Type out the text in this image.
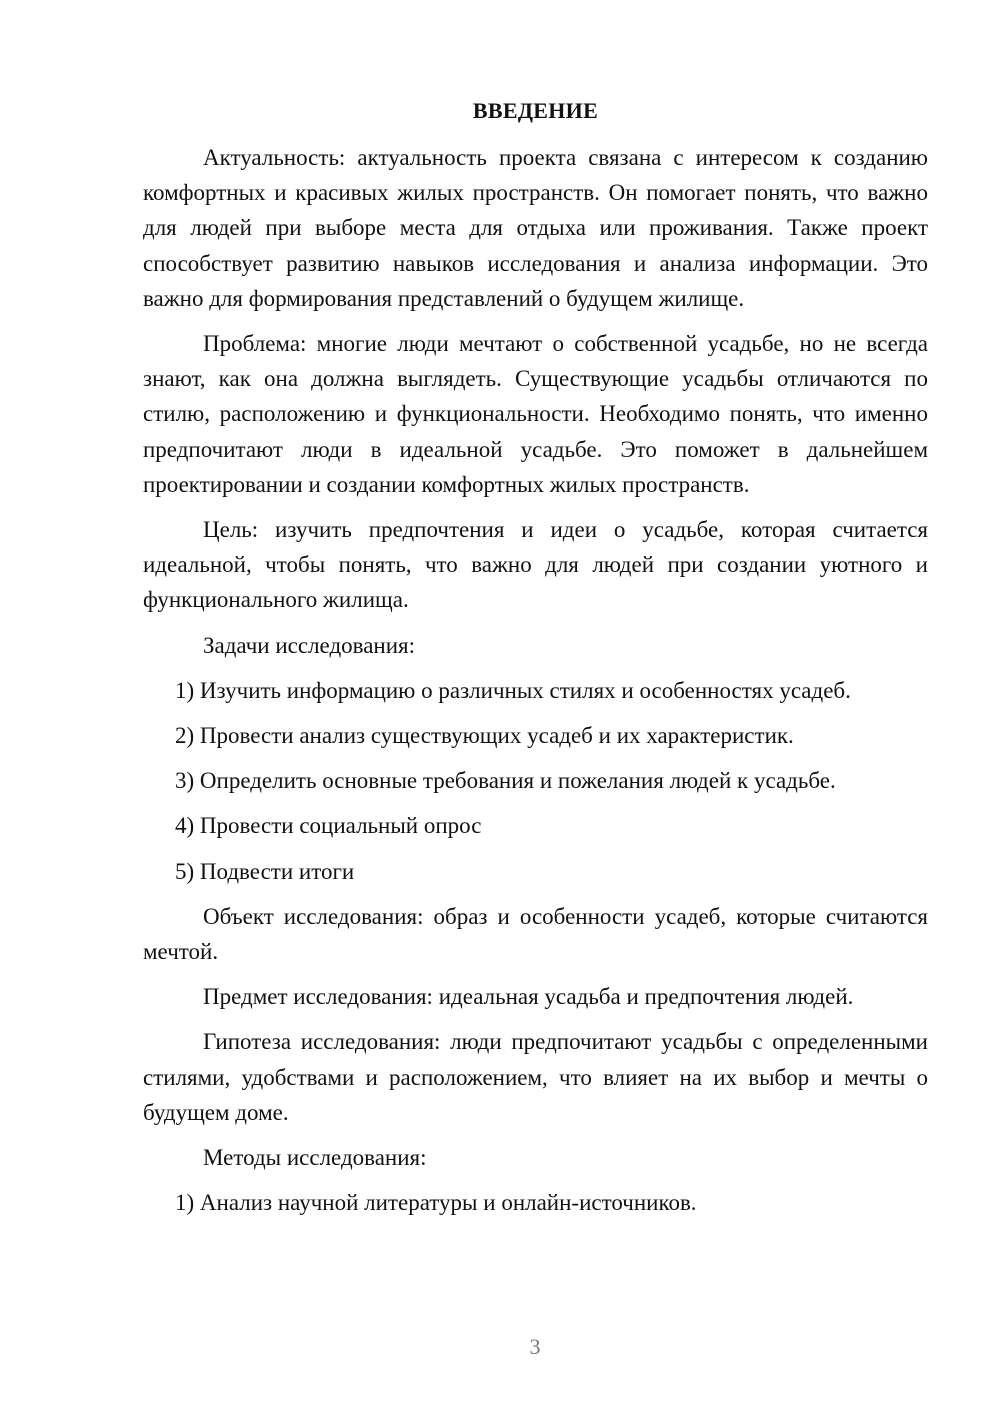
ВВЕДЕНИЕ

Актуальность: актуальность проекта связана с интересом к созданию комфортных и красивых жилых пространств. Он помогает понять, что важно для людей при выборе места для отдыха или проживания. Также проект способствует развитию навыков исследования и анализа информации. Это важно для формирования представлений о будущем жилище.

Проблема: многие люди мечтают о собственной усадьбе, но не всегда знают, как она должна выглядеть. Существующие усадьбы отличаются по стилю, расположению и функциональности. Необходимо понять, что именно предпочитают люди в идеальной усадьбе. Это поможет в дальнейшем проектировании и создании комфортных жилых пространств.

Цель: изучить предпочтения и идеи о усадьбе, которая считается идеальной, чтобы понять, что важно для людей при создании уютного и функционального жилища.

Задачи исследования:

1) Изучить информацию о различных стилях и особенностях усадеб.

2) Провести анализ существующих усадеб и их характеристик.

3) Определить основные требования и пожелания людей к усадьбе.

4) Провести социальный опрос

5) Подвести итоги

Объект исследования: образ и особенности усадеб, которые считаются мечтой.

Предмет исследования: идеальная усадьба и предпочтения людей.

Гипотеза исследования: люди предпочитают усадьбы с определенными стилями, удобствами и расположением, что влияет на их выбор и мечты о будущем доме.

Методы исследования:

1) Анализ научной литературы и онлайн-источников.

3
